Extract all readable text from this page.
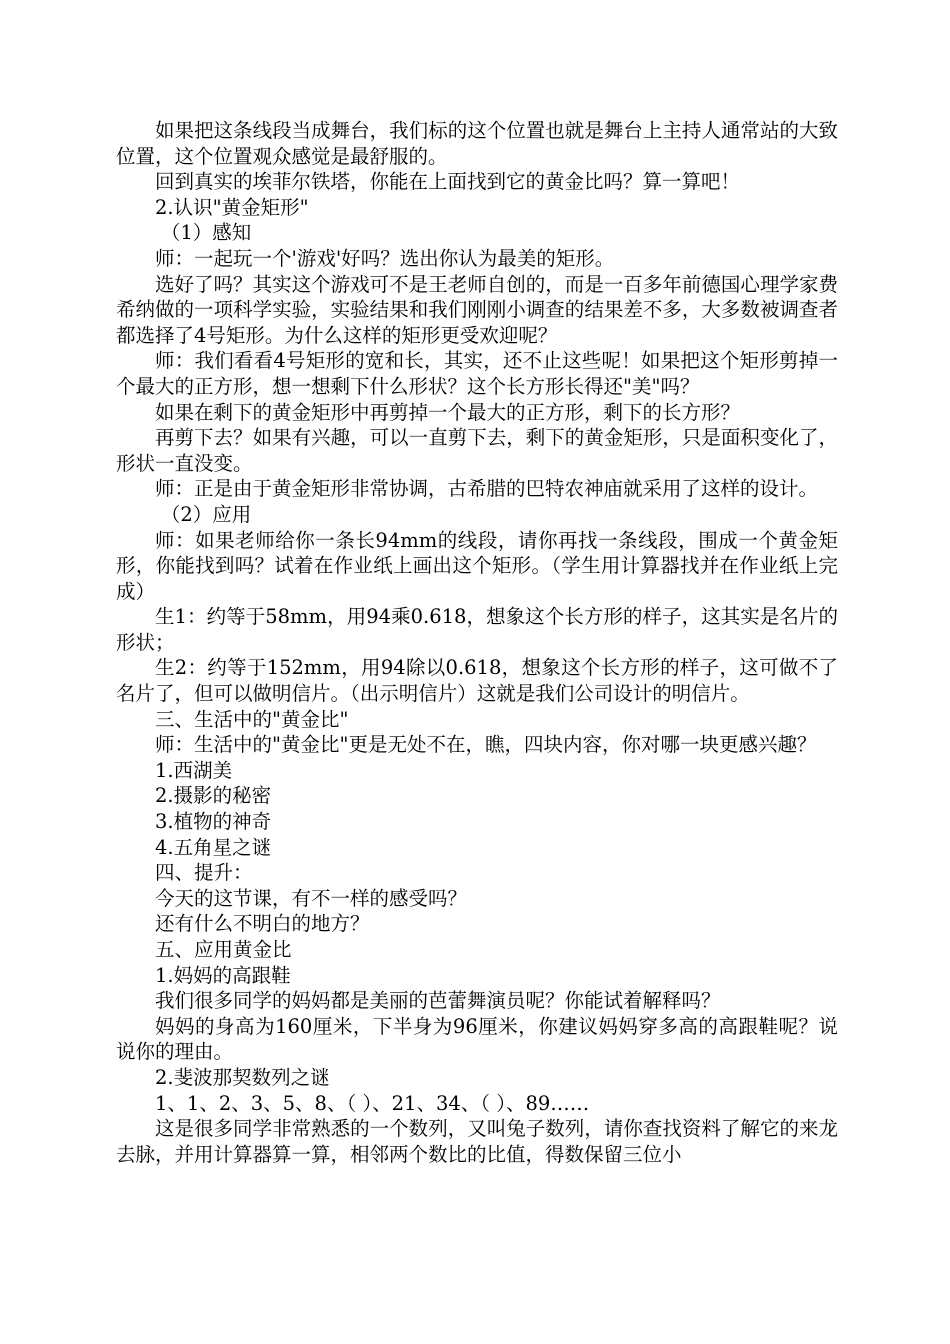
如果把这条线段当成舞台，我们标的这个位置也就是舞台上主持人通常站的大致位置，这个位置观众感觉是最舒服的。

回到真实的埃菲尔铁塔，你能在上面找到它的黄金比吗？算一算吧！

2.认识"黄金矩形"

（1）感知

师：一起玩一个'游戏'好吗？选出你认为最美的矩形。

选好了吗？其实这个游戏可不是王老师自创的，而是一百多年前德国心理学家费希纳做的一项科学实验，实验结果和我们刚刚小调查的结果差不多，大多数被调查者都选择了4号矩形。为什么这样的矩形更受欢迎呢？

师：我们看看4号矩形的宽和长，其实，还不止这些呢！如果把这个矩形剪掉一个最大的正方形，想一想剩下什么形状？这个长方形长得还"美"吗？

如果在剩下的黄金矩形中再剪掉一个最大的正方形，剩下的长方形？

再剪下去？如果有兴趣，可以一直剪下去，剩下的黄金矩形，只是面积变化了，形状一直没变。

师：正是由于黄金矩形非常协调，古希腊的巴特农神庙就采用了这样的设计。

（2）应用

师：如果老师给你一条长94mm的线段，请你再找一条线段，围成一个黄金矩形，你能找到吗？试着在作业纸上画出这个矩形。（学生用计算器找并在作业纸上完成）

生1：约等于58mm，用94乘0.618，想象这个长方形的样子，这其实是名片的形状；

生2：约等于152mm，用94除以0.618，想象这个长方形的样子，这可做不了名片了，但可以做明信片。（出示明信片）这就是我们公司设计的明信片。

三、生活中的"黄金比"

师：生活中的"黄金比"更是无处不在，瞧，四块内容，你对哪一块更感兴趣？

1.西湖美

2.摄影的秘密

3.植物的神奇

4.五角星之谜

四、提升：

今天的这节课，有不一样的感受吗？

还有什么不明白的地方？

五、应用黄金比

1.妈妈的高跟鞋

我们很多同学的妈妈都是美丽的芭蕾舞演员呢？你能试着解释吗？

妈妈的身高为160厘米，下半身为96厘米，你建议妈妈穿多高的高跟鞋呢？说说你的理由。

2.斐波那契数列之谜

1、1、2、3、5、8、（ ）、21、34、（ ）、89……

这是很多同学非常熟悉的一个数列，又叫兔子数列，请你查找资料了解它的来龙去脉，并用计算器算一算，相邻两个数比的比值，得数保留三位小
